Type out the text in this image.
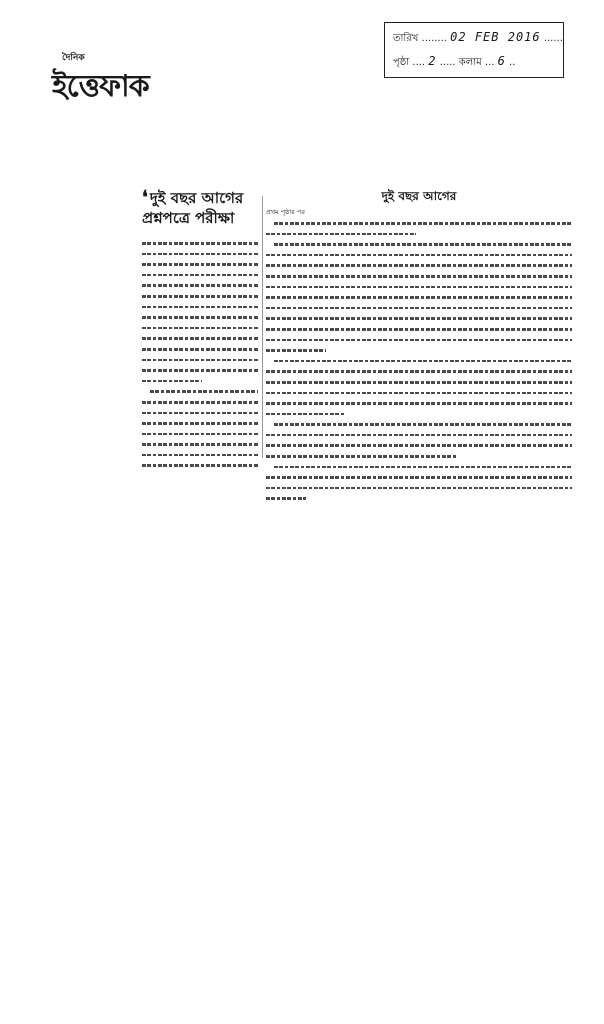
তারিখ ........ 02 FEB 2016 ......
পৃষ্ঠা .... 2 ..... কলাম ... 6 ..
দৈনিক
ইত্তেফাক
❛ দুই বছর আগের
প্রশ্নপত্রে পরীক্ষা
দুই বছর আগের
প্রথম পৃষ্ঠার পর
